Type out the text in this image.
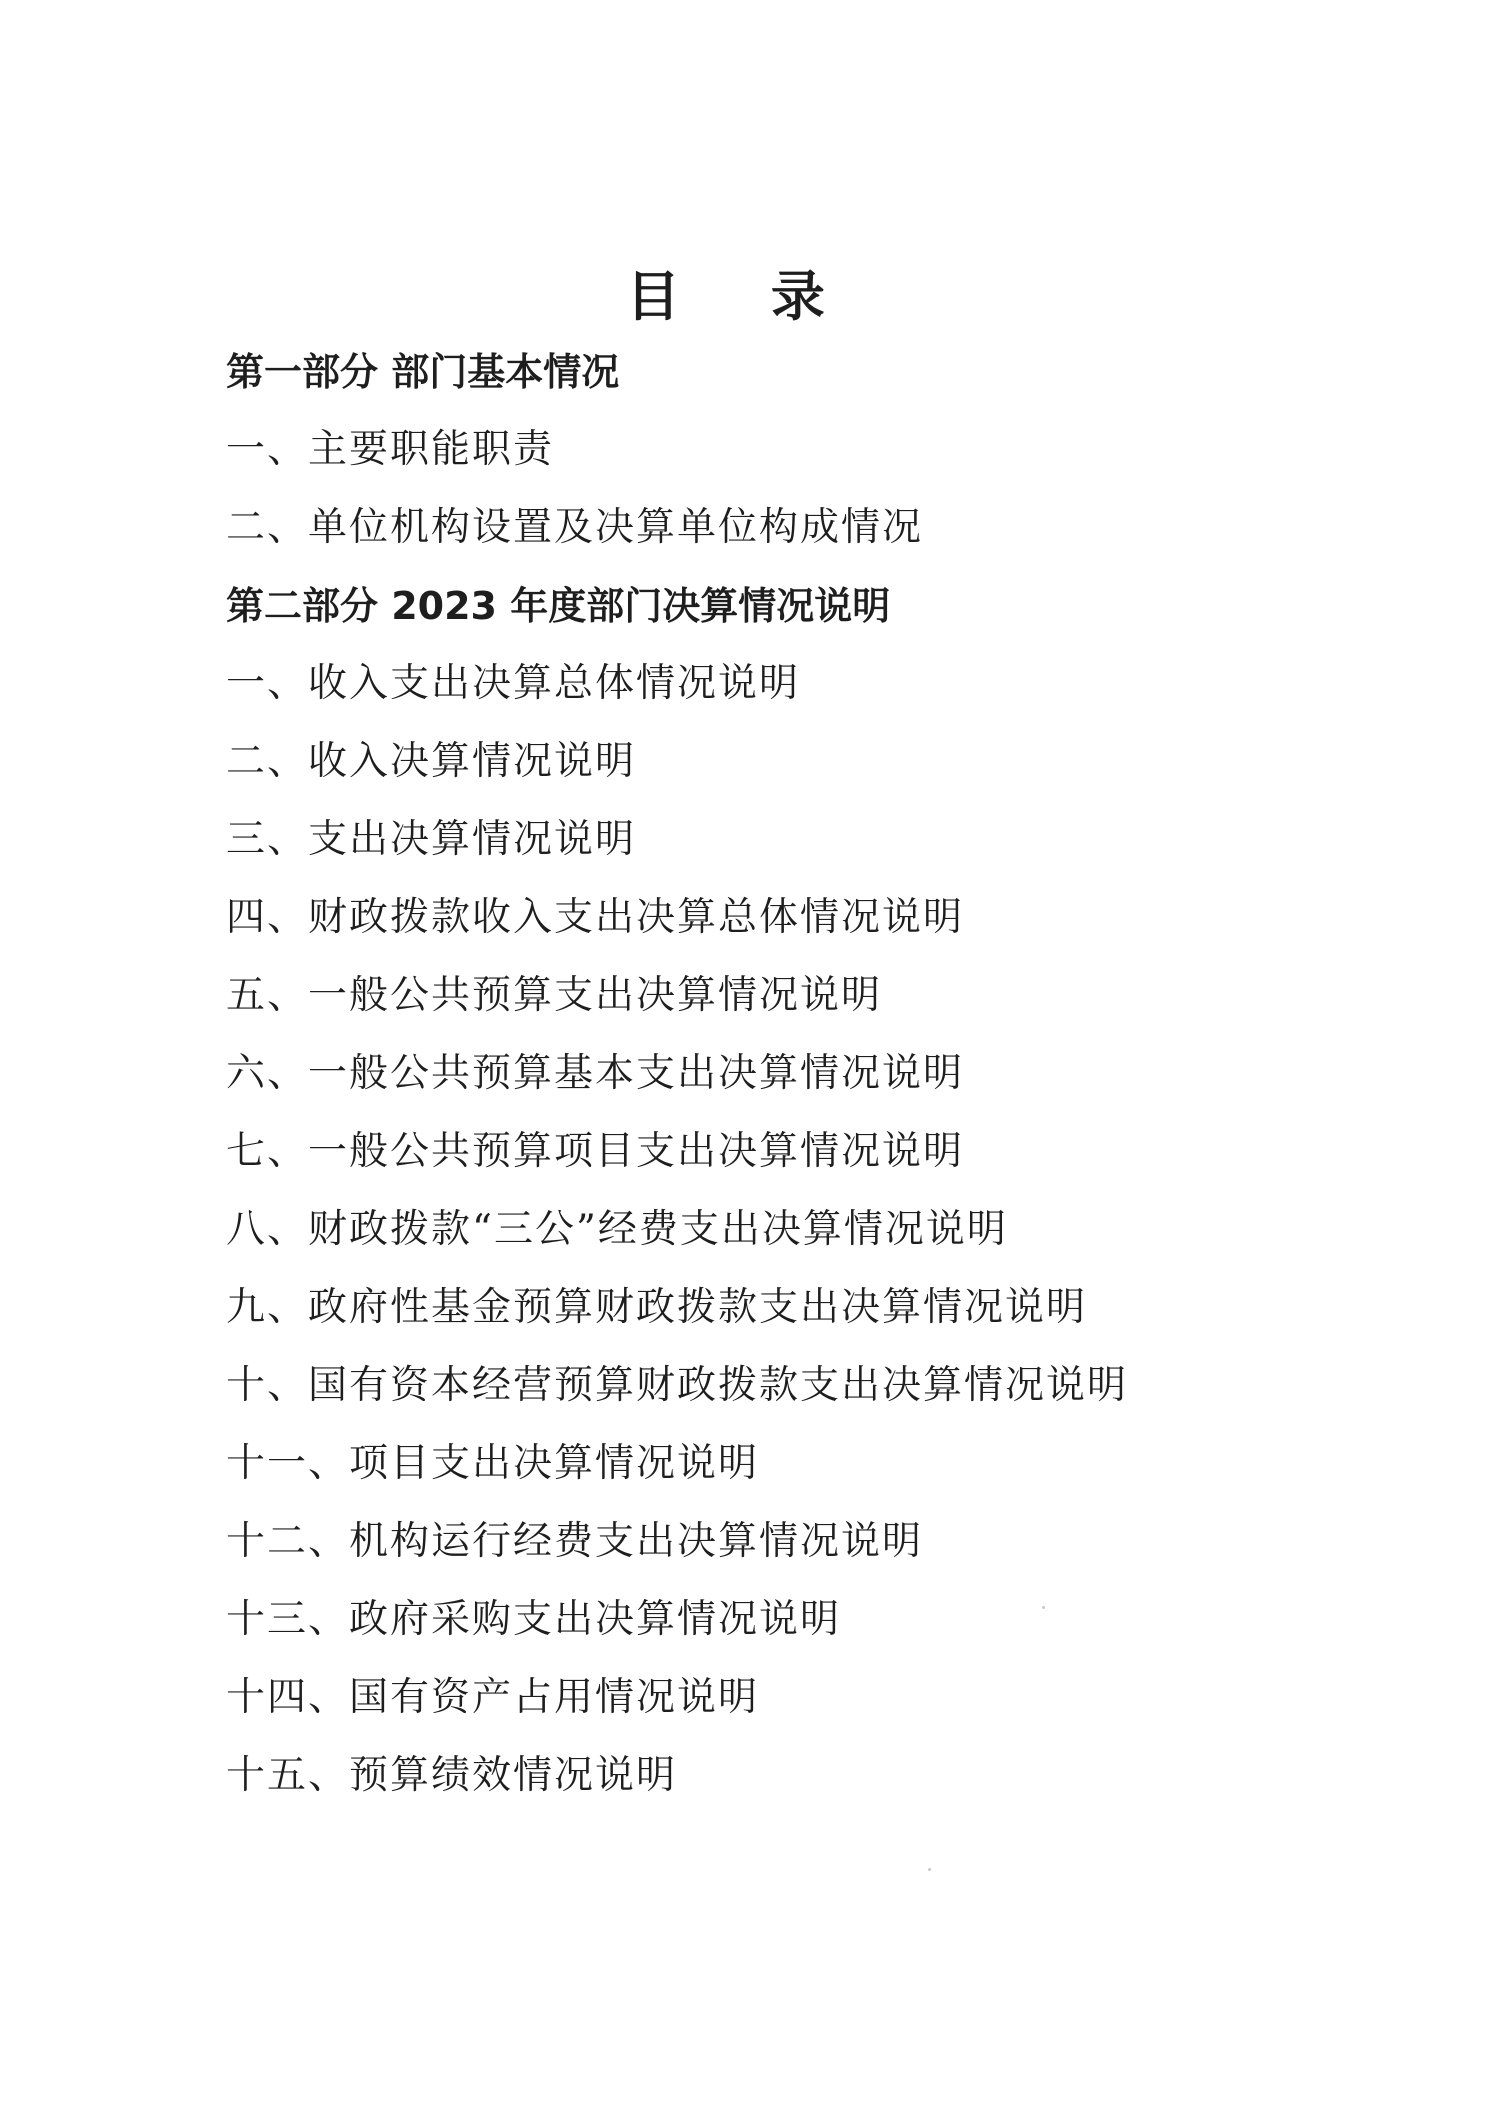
目 录
第一部分 部门基本情况
一、主要职能职责
二、单位机构设置及决算单位构成情况
第二部分 2023 年度部门决算情况说明
一、收入支出决算总体情况说明
二、收入决算情况说明
三、支出决算情况说明
四、财政拨款收入支出决算总体情况说明
五、一般公共预算支出决算情况说明
六、一般公共预算基本支出决算情况说明
七、一般公共预算项目支出决算情况说明
八、财政拨款“三公”经费支出决算情况说明
九、政府性基金预算财政拨款支出决算情况说明
十、国有资本经营预算财政拨款支出决算情况说明
十一、项目支出决算情况说明
十二、机构运行经费支出决算情况说明
十三、政府采购支出决算情况说明
十四、国有资产占用情况说明
十五、预算绩效情况说明
